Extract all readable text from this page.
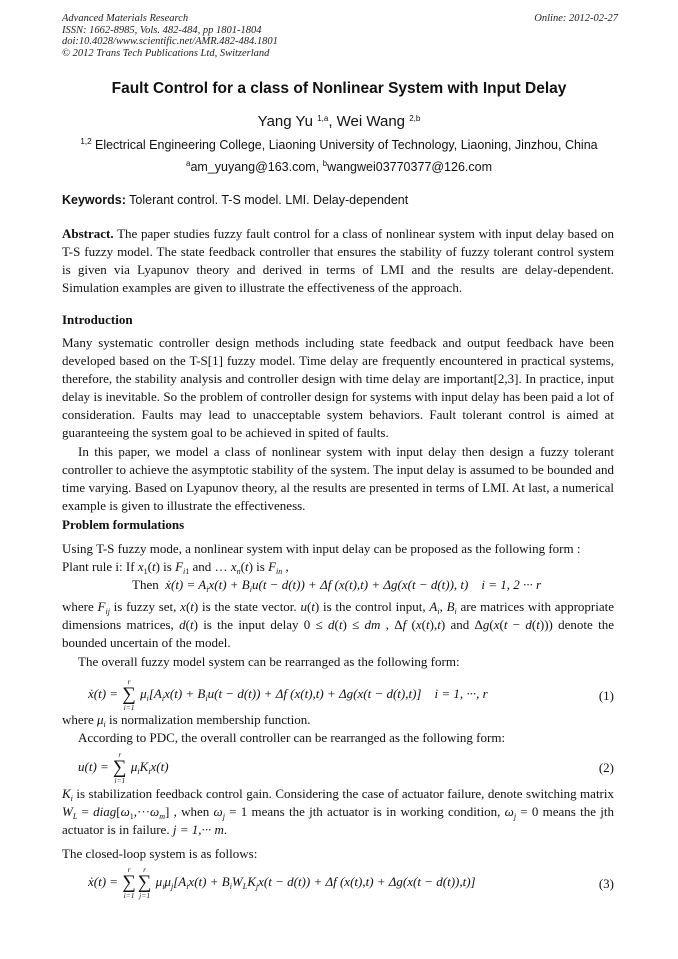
Advanced Materials Research
ISSN: 1662-8985, Vols. 482-484, pp 1801-1804
doi:10.4028/www.scientific.net/AMR.482-484.1801
© 2012 Trans Tech Publications Ltd, Switzerland
Online: 2012-02-27
Fault Control for a class of Nonlinear System with Input Delay
Yang Yu $^{1,a}$, Wei Wang $^{2,b}$
$^{1,2}$ Electrical Engineering College, Liaoning University of Technology, Liaoning, Jinzhou, China
$^a$am_yuyang@163.com, $^b$wangwei03770377@126.com
Keywords: Tolerant control. T-S model. LMI. Delay-dependent
Abstract. The paper studies fuzzy fault control for a class of nonlinear system with input delay based on T-S fuzzy model. The state feedback controller that ensures the stability of fuzzy tolerant control system is given via Lyapunov theory and derived in terms of LMI and the results are delay-dependent. Simulation examples are given to illustrate the effectiveness of the approach.
Introduction
Many systematic controller design methods including state feedback and output feedback have been developed based on the T-S[1] fuzzy model. Time delay are frequently encountered in practical systems, therefore, the stability analysis and controller design with time delay are important[2,3]. In practice, input delay is inevitable. So the problem of controller design for systems with input delay has been paid a lot of consideration. Faults may lead to unacceptable system behaviors. Fault tolerant control is aimed at guaranteeing the system goal to be achieved in spited of faults.
In this paper, we model a class of nonlinear system with input delay then design a fuzzy tolerant controller to achieve the asymptotic stability of the system. The input delay is assumed to be bounded and time varying. Based on Lyapunov theory, al the results are presented in terms of LMI. At last, a numerical example is given to illustrate the effectiveness.
Problem formulations
Using T-S fuzzy mode, a nonlinear system with input delay can be proposed as the following form :
Plant rule i: If $x_1(t)$ is $F_{i1}$ and … $x_n(t)$ is $F_{in}$ ,
Then  ẋ(t) = $A_ix(t) + B_iu(t - d(t)) + \Delta f$ (x(t),t) + Δg(x(t − d(t)), t)    i = 1, 2 ··· r
where $F_{ij}$ is fuzzy set, x(t) is the state vector. u(t) is the control input, $A_i$, $B_i$ are matrices with appropriate dimensions matrices, d(t) is the input delay 0 ≤ d(t) ≤ dm , Δf (x(t),t) and Δg(x(t − d(t))) denote the bounded uncertain of the model.
The overall fuzzy model system can be rearranged as the following form:
ẋ(t) =
r
∑
i=1
$\mu_i[A_ix(t) + B_iu(t - d(t)) + \Delta f$ (x(t),t) + Δg(x(t − d(t),t)]    i = 1, ···, r	(1)
where $\mu_i$ is normalization membership function.
According to PDC, the overall controller can be rearranged as the following form:
u(t) =
r
∑
i=1
$\mu_iK_ix(t)$	(2)
$K_i$ is stabilization feedback control gain. Considering the case of actuator failure, denote switching matrix $W_L$ = $diag[\omega_1,\cdot\cdot\cdot\omega_m]$ , when $\omega_j = 1$ means the jth actuator is in working condition, $\omega_j = 0$ means the jth actuator is in failure. j = 1,··· m.
The closed-loop system is as follows:
ẋ(t) =
r
∑
i=1
r
∑
j=1
$\mu_i\mu_j[A_ix(t) + B_iW_LK_jx(t - d(t)) + \Delta f$ (x(t),t) + Δg(x(t − d(t)),t)]	(3)
